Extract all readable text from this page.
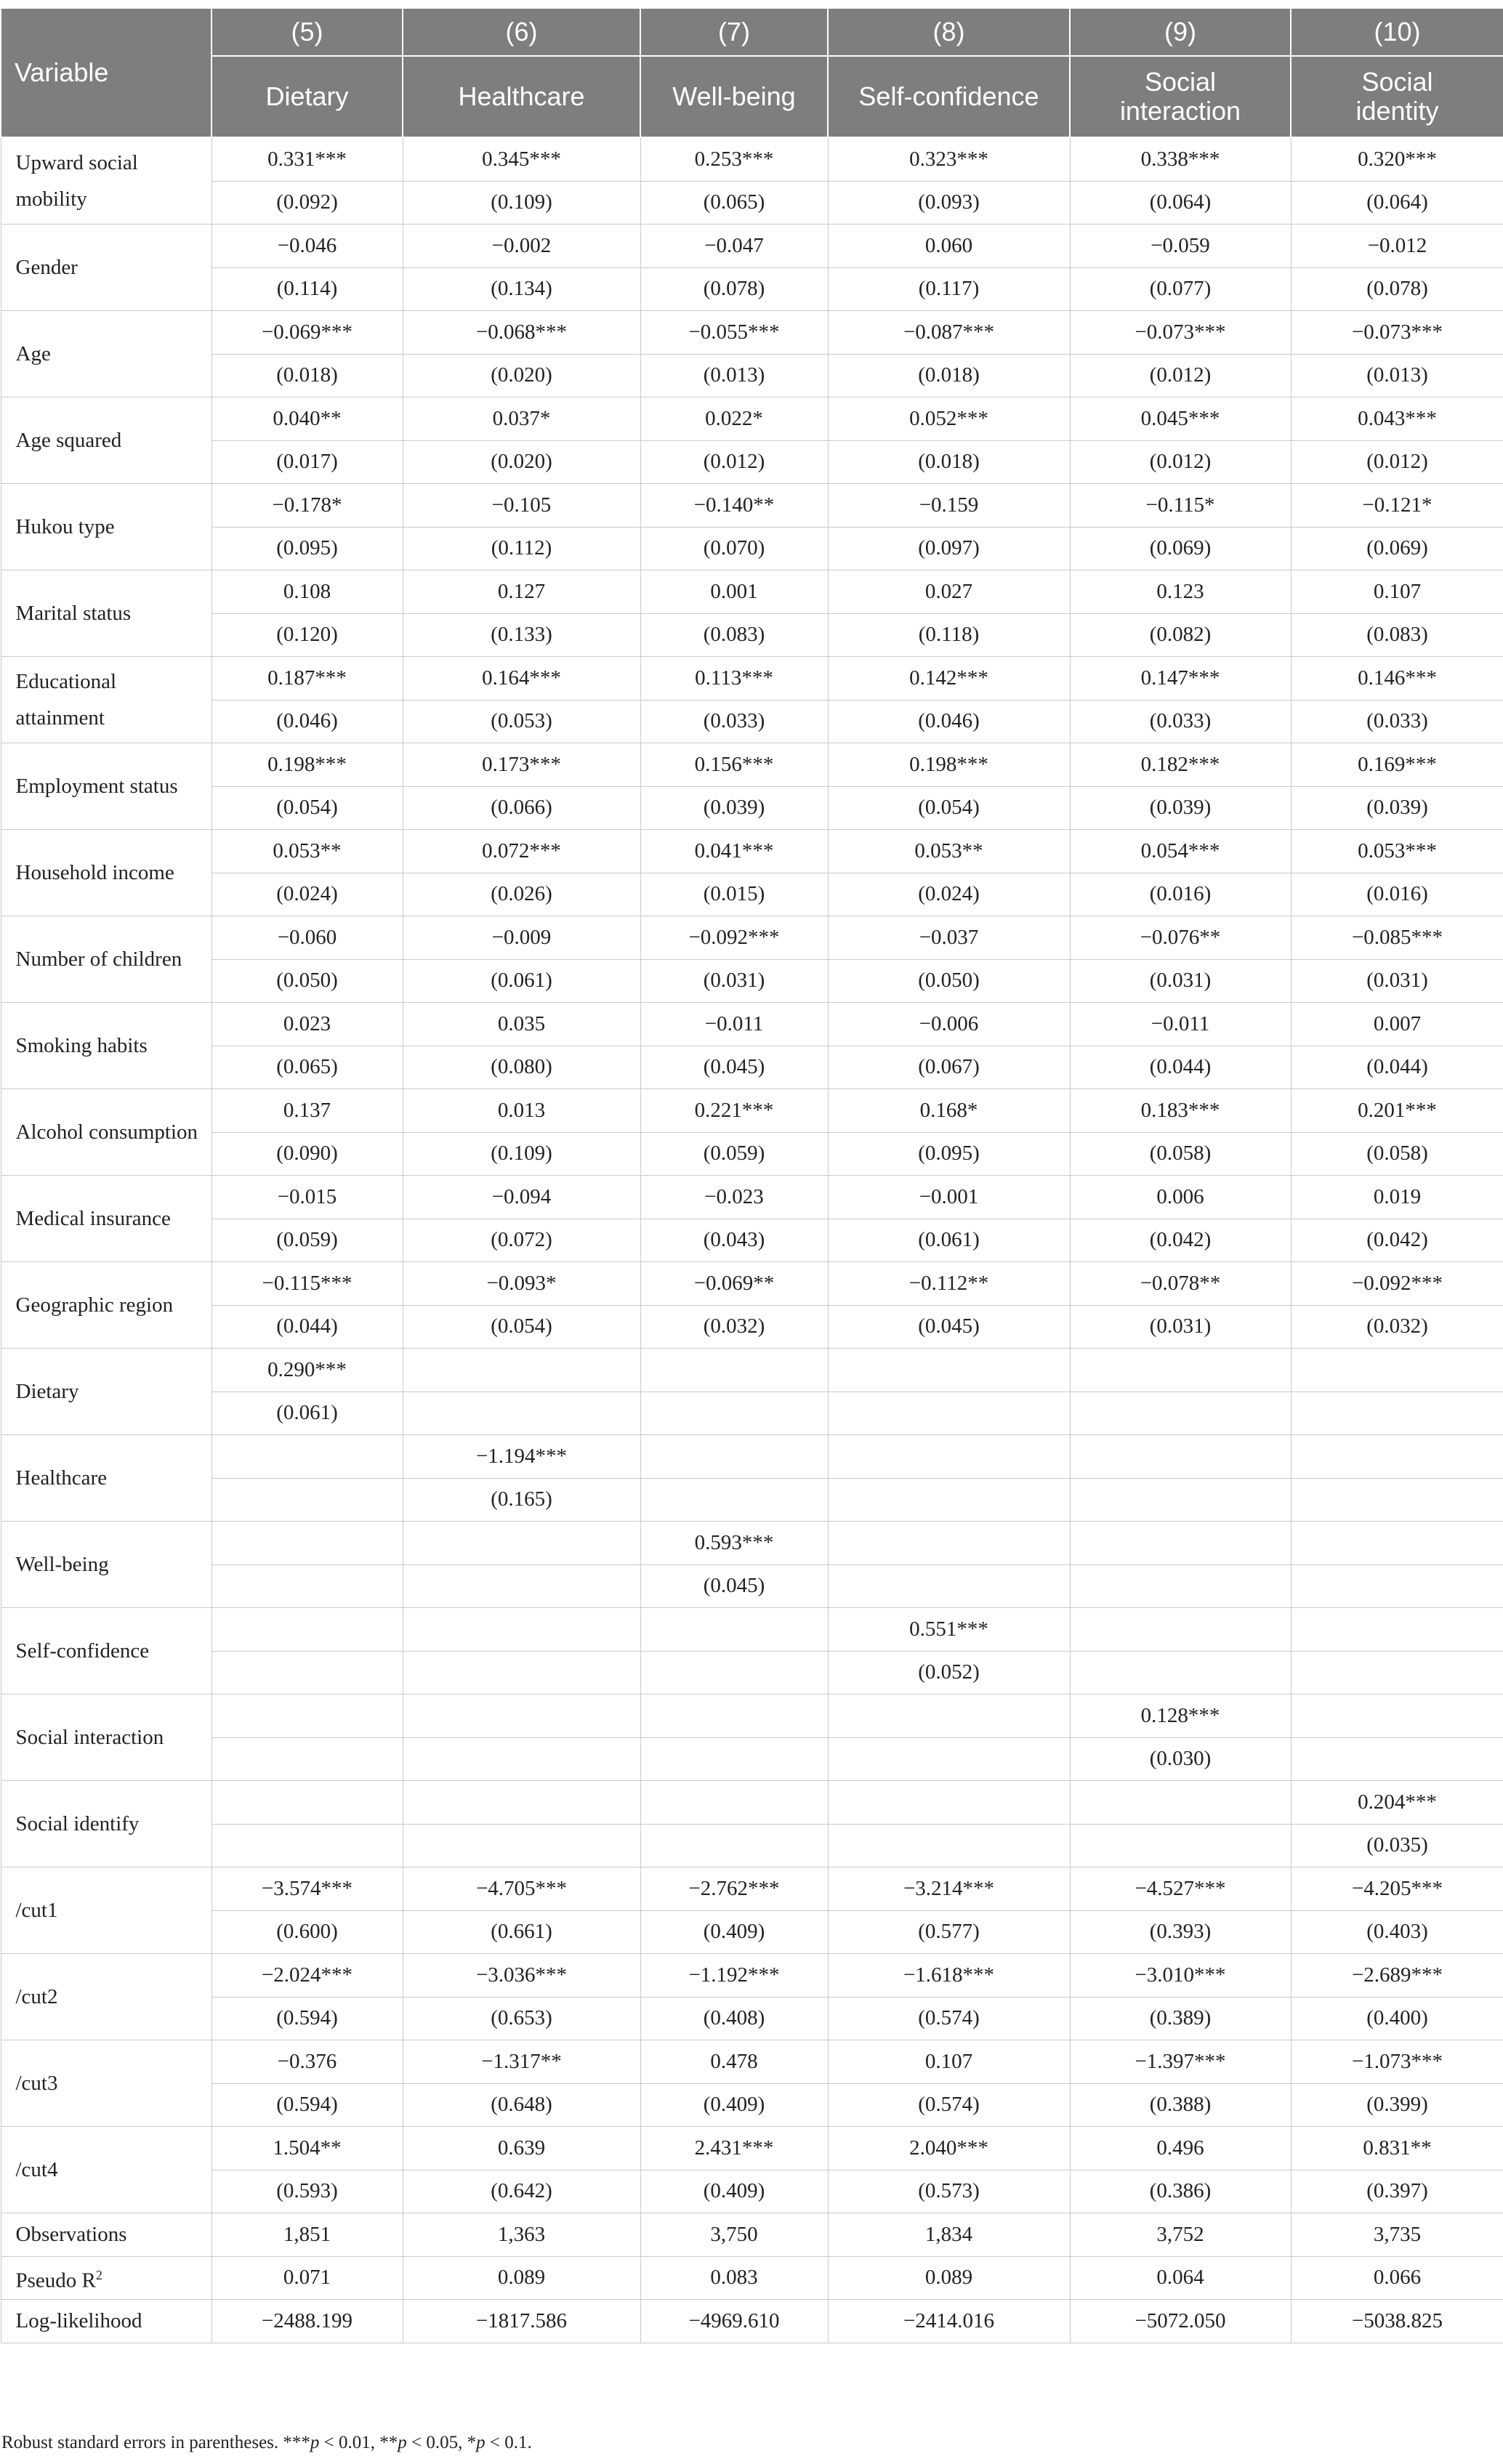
Variable	(5)	(6)	(7)	(8)	(9)	(10)
	Dietary	Healthcare	Well-being	Self-confidence	Social interaction	Social identity
Upward social mobility	0.331***	0.345***	0.253***	0.323***	0.338***	0.320***
	(0.092)	(0.109)	(0.065)	(0.093)	(0.064)	(0.064)
Gender	−0.046	−0.002	−0.047	0.060	−0.059	−0.012
	(0.114)	(0.134)	(0.078)	(0.117)	(0.077)	(0.078)
Age	−0.069***	−0.068***	−0.055***	−0.087***	−0.073***	−0.073***
	(0.018)	(0.020)	(0.013)	(0.018)	(0.012)	(0.013)
Age squared	0.040**	0.037*	0.022*	0.052***	0.045***	0.043***
	(0.017)	(0.020)	(0.012)	(0.018)	(0.012)	(0.012)
Hukou type	−0.178*	−0.105	−0.140**	−0.159	−0.115*	−0.121*
	(0.095)	(0.112)	(0.070)	(0.097)	(0.069)	(0.069)
Marital status	0.108	0.127	0.001	0.027	0.123	0.107
	(0.120)	(0.133)	(0.083)	(0.118)	(0.082)	(0.083)
Educational attainment	0.187***	0.164***	0.113***	0.142***	0.147***	0.146***
	(0.046)	(0.053)	(0.033)	(0.046)	(0.033)	(0.033)
Employment status	0.198***	0.173***	0.156***	0.198***	0.182***	0.169***
	(0.054)	(0.066)	(0.039)	(0.054)	(0.039)	(0.039)
Household income	0.053**	0.072***	0.041***	0.053**	0.054***	0.053***
	(0.024)	(0.026)	(0.015)	(0.024)	(0.016)	(0.016)
Number of children	−0.060	−0.009	−0.092***	−0.037	−0.076**	−0.085***
	(0.050)	(0.061)	(0.031)	(0.050)	(0.031)	(0.031)
Smoking habits	0.023	0.035	−0.011	−0.006	−0.011	0.007
	(0.065)	(0.080)	(0.045)	(0.067)	(0.044)	(0.044)
Alcohol consumption	0.137	0.013	0.221***	0.168*	0.183***	0.201***
	(0.090)	(0.109)	(0.059)	(0.095)	(0.058)	(0.058)
Medical insurance	−0.015	−0.094	−0.023	−0.001	0.006	0.019
	(0.059)	(0.072)	(0.043)	(0.061)	(0.042)	(0.042)
Geographic region	−0.115***	−0.093*	−0.069**	−0.112**	−0.078**	−0.092***
	(0.044)	(0.054)	(0.032)	(0.045)	(0.031)	(0.032)
Dietary	0.290***					
	(0.061)					
Healthcare		−1.194***				
		(0.165)				
Well-being			0.593***			
			(0.045)			
Self-confidence				0.551***		
				(0.052)		
Social interaction					0.128***	
					(0.030)	
Social identify						0.204***
						(0.035)
/cut1	−3.574***	−4.705***	−2.762***	−3.214***	−4.527***	−4.205***
	(0.600)	(0.661)	(0.409)	(0.577)	(0.393)	(0.403)
/cut2	−2.024***	−3.036***	−1.192***	−1.618***	−3.010***	−2.689***
	(0.594)	(0.653)	(0.408)	(0.574)	(0.389)	(0.400)
/cut3	−0.376	−1.317**	0.478	0.107	−1.397***	−1.073***
	(0.594)	(0.648)	(0.409)	(0.574)	(0.388)	(0.399)
/cut4	1.504**	0.639	2.431***	2.040***	0.496	0.831**
	(0.593)	(0.642)	(0.409)	(0.573)	(0.386)	(0.397)
Observations	1,851	1,363	3,750	1,834	3,752	3,735
Pseudo $R^2$	0.071	0.089	0.083	0.089	0.064	0.066
Log-likelihood	−2488.199	−1817.586	−4969.610	−2414.016	−5072.050	−5038.825
Robust standard errors in parentheses. ***p < 0.01, **p < 0.05, *p < 0.1.
